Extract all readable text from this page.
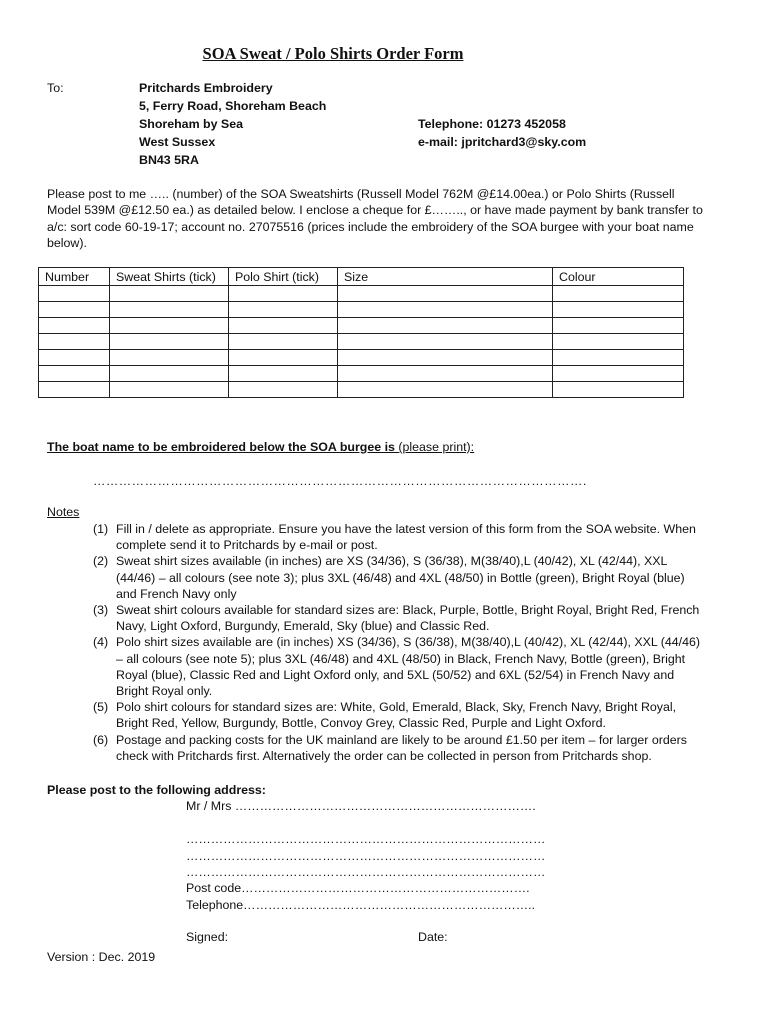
SOA Sweat / Polo Shirts Order Form
To:	Pritchards Embroidery
5, Ferry Road, Shoreham Beach
Shoreham by Sea
West Sussex
BN43 5RA
Telephone: 01273 452058
e-mail: jpritchard3@sky.com
Please post to me ….. (number) of the SOA Sweatshirts (Russell Model 762M @£14.00ea.) or Polo Shirts (Russell Model 539M @£12.50 ea.) as detailed below. I enclose a cheque for £…….., or have made payment by bank transfer to a/c: sort code 60-19-17; account no. 27075516 (prices include the embroidery of the SOA burgee with your boat name below).
Number	Sweat Shirts (tick)	Polo Shirt (tick)	Size	Colour

The boat name to be embroidered below the SOA burgee is (please print):
…………………………………………………………………………………………………….
Notes
(1) Fill in / delete as appropriate. Ensure you have the latest version of this form from the SOA website. When complete send it to Pritchards by e-mail or post.
(2) Sweat shirt sizes available (in inches) are XS (34/36), S (36/38), M(38/40),L (40/42), XL (42/44), XXL (44/46) – all colours (see note 3); plus 3XL (46/48) and 4XL (48/50) in Bottle (green), Bright Royal (blue) and French Navy only
(3) Sweat shirt colours available for standard sizes are: Black, Purple, Bottle, Bright Royal, Bright Red, French Navy, Light Oxford, Burgundy, Emerald, Sky (blue) and Classic Red.
(4) Polo shirt sizes available are (in inches) XS (34/36), S (36/38), M(38/40),L (40/42), XL (42/44), XXL (44/46) – all colours (see note 5); plus 3XL (46/48) and 4XL (48/50) in Black, French Navy, Bottle (green), Bright Royal (blue), Classic Red and Light Oxford only, and 5XL (50/52) and 6XL (52/54) in French Navy and Bright Royal only.
(5) Polo shirt colours for standard sizes are: White, Gold, Emerald, Black, Sky, French Navy, Bright Royal, Bright Red, Yellow, Burgundy, Bottle, Convoy Grey, Classic Red, Purple and Light Oxford.
(6) Postage and packing costs for the UK mainland are likely to be around £1.50 per item – for larger orders check with Pritchards first. Alternatively the order can be collected in person from Pritchards shop.
Please post to the following address:
Mr / Mrs ……………………………………………………………….
……………………………………………………………………………
……………………………………………………………………………
……………………………………………………………………………
Post code…………………………………………………………….
Telephone……………………………………………………………..
Signed:	Date:
Version : Dec. 2019
